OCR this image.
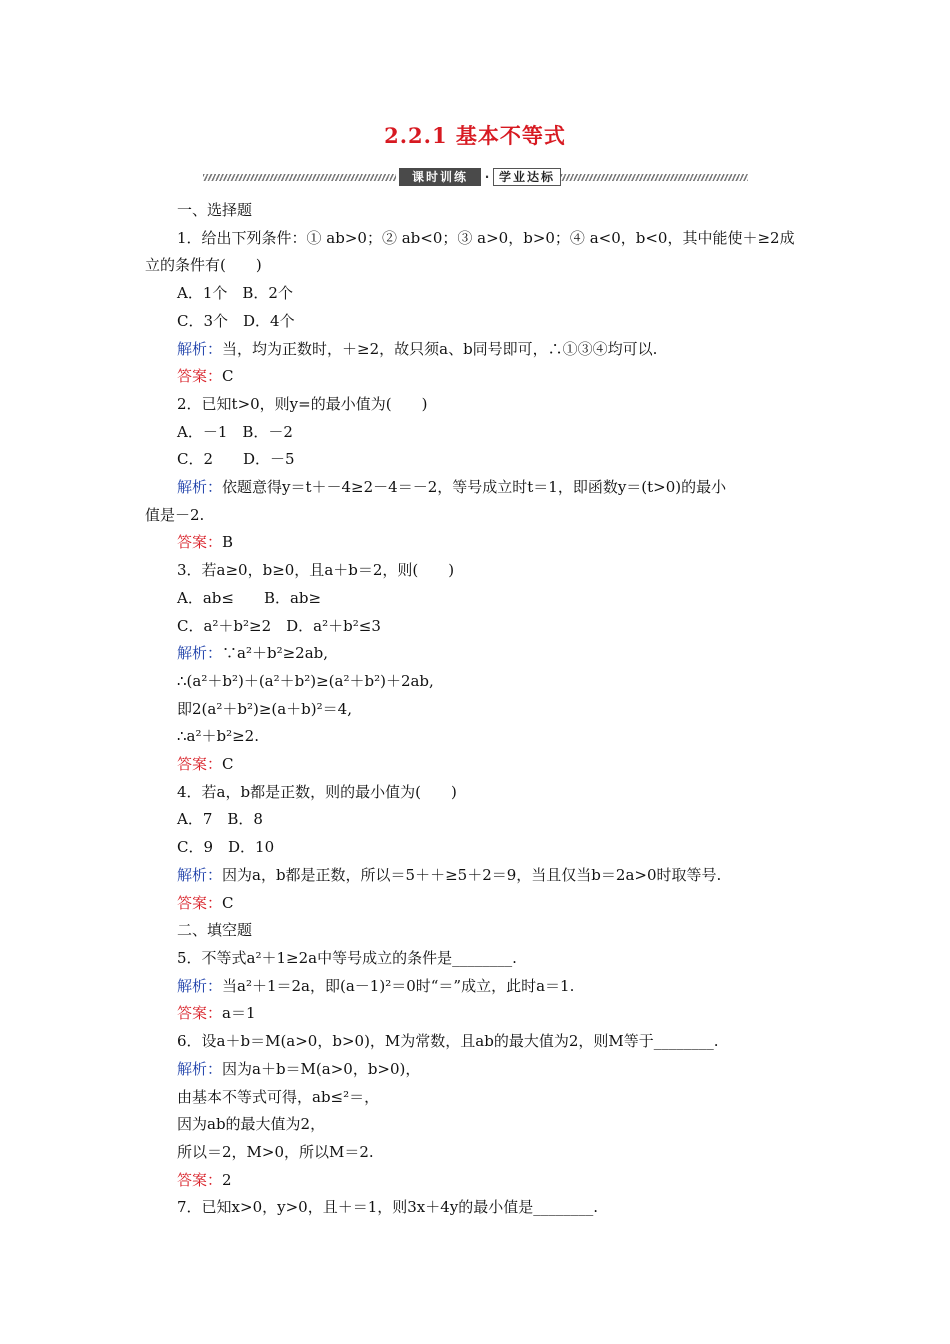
2.2.1 基本不等式
课时训练	· 学业达标
一、选择题
1．给出下列条件：① ab>0；② ab<0；③ a>0，b>0；④ a<0，b<0，其中能使＋≥2成
立的条件有(　　)
A．1个　B．2个
C．3个　D．4个
解析：当，均为正数时，＋≥2，故只须a、b同号即可，∴①③④均可以.
答案：C
2．已知t>0，则y=的最小值为(　　)
A．－1　B．－2
C．2　　D．－5
解析：依题意得y＝t＋－4≥2－4＝－2，等号成立时t＝1，即函数y＝(t>0)的最小
值是－2.
答案：B
3．若a≥0，b≥0，且a＋b＝2，则(　　)
A．ab≤　　B．ab≥
C．a²＋b²≥2　D．a²＋b²≤3
解析：∵a²＋b²≥2ab,
∴(a²＋b²)＋(a²＋b²)≥(a²＋b²)＋2ab,
即2(a²＋b²)≥(a＋b)²＝4,
∴a²＋b²≥2.
答案：C
4．若a，b都是正数，则的最小值为(　　)
A．7　B．8
C．9　D．10
解析：因为a，b都是正数，所以＝5＋＋≥5＋2＝9，当且仅当b＝2a>0时取等号.
答案：C
二、填空题
5．不等式a²＋1≥2a中等号成立的条件是________.
解析：当a²＋1＝2a，即(a－1)²＝0时“＝”成立，此时a＝1.
答案：a＝1
6．设a＋b＝M(a>0，b>0)，M为常数，且ab的最大值为2，则M等于________.
解析：因为a＋b＝M(a>0，b>0)，
由基本不等式可得，ab≤²＝，
因为ab的最大值为2，
所以＝2，M>0，所以M＝2.
答案：2
7．已知x>0，y>0，且＋＝1，则3x＋4y的最小值是________.
